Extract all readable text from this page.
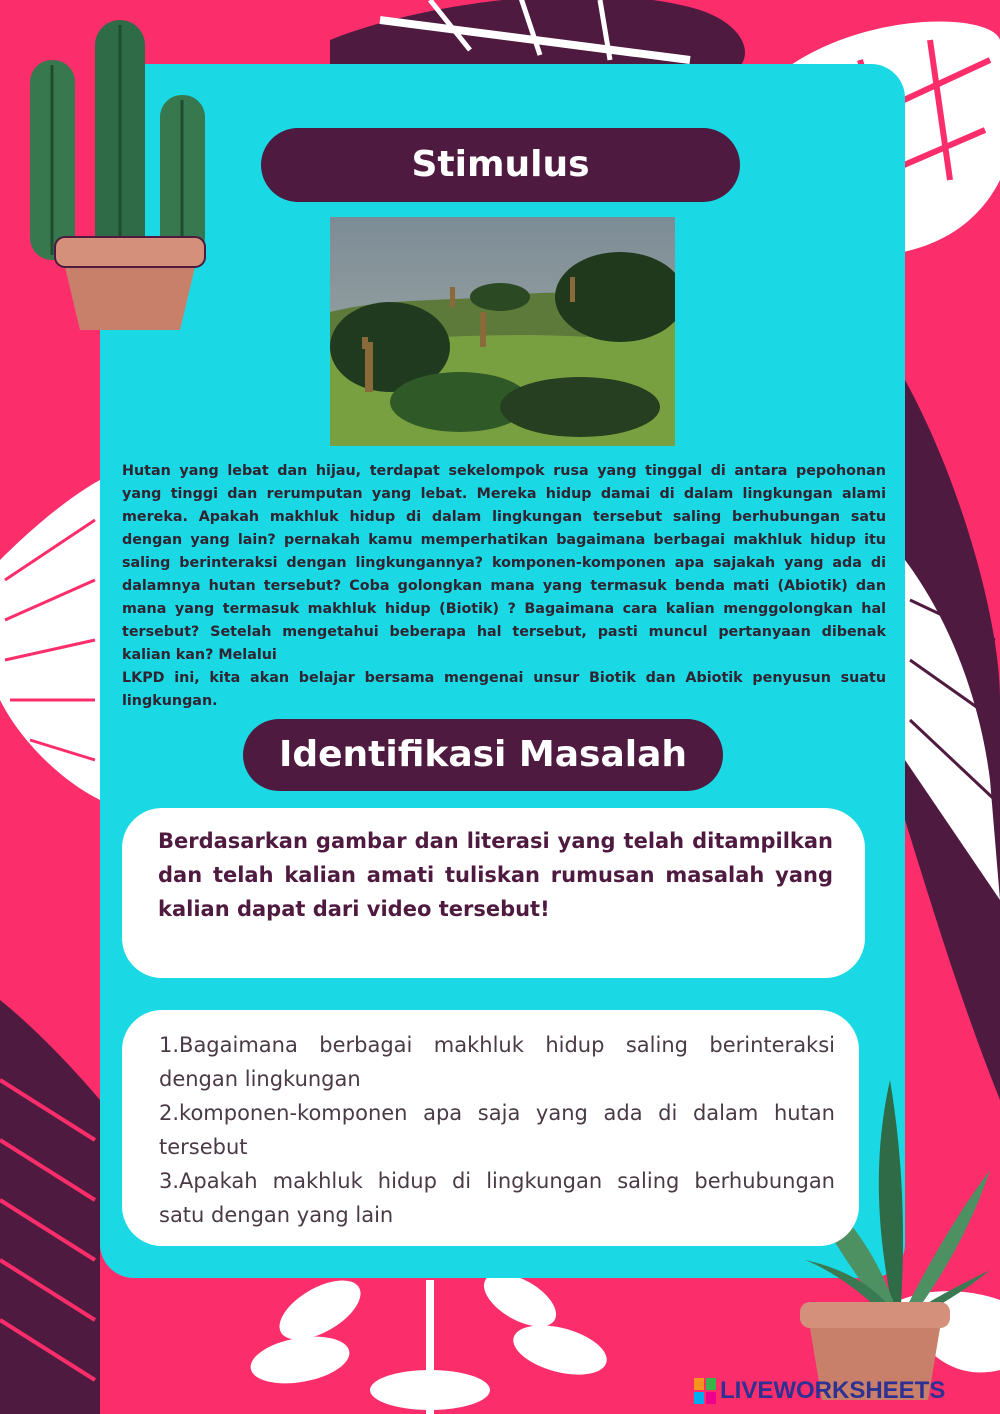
Stimulus

Hutan yang lebat dan hijau, terdapat sekelompok rusa yang tinggal di antara pepohonan yang tinggi dan rerumputan yang lebat. Mereka hidup damai di dalam lingkungan alami mereka. Apakah makhluk hidup di dalam lingkungan tersebut saling berhubungan satu dengan yang lain? pernakah kamu memperhatikan bagaimana berbagai makhluk hidup itu saling berinteraksi dengan lingkungannya? komponen-komponen apa sajakah yang ada di dalamnya hutan tersebut? Coba golongkan mana yang termasuk benda mati (Abiotik) dan mana yang termasuk makhluk hidup (Biotik) ? Bagaimana cara kalian menggolongkan hal tersebut? Setelah mengetahui beberapa hal tersebut, pasti muncul pertanyaan dibenak kalian kan? Melalui

LKPD ini, kita akan belajar bersama mengenai unsur Biotik dan Abiotik penyusun suatu lingkungan.

Identifikasi Masalah
Berdasarkan gambar dan literasi yang telah ditampilkan dan telah kalian amati tuliskan rumusan masalah yang kalian dapat dari video tersebut!
1.Bagaimana berbagai makhluk hidup saling berinteraksi dengan lingkungan
2.komponen-komponen apa saja yang ada di dalam hutan tersebut
3.Apakah makhluk hidup di lingkungan saling berhubungan satu dengan yang lain
LIVEWORKSHEETS
